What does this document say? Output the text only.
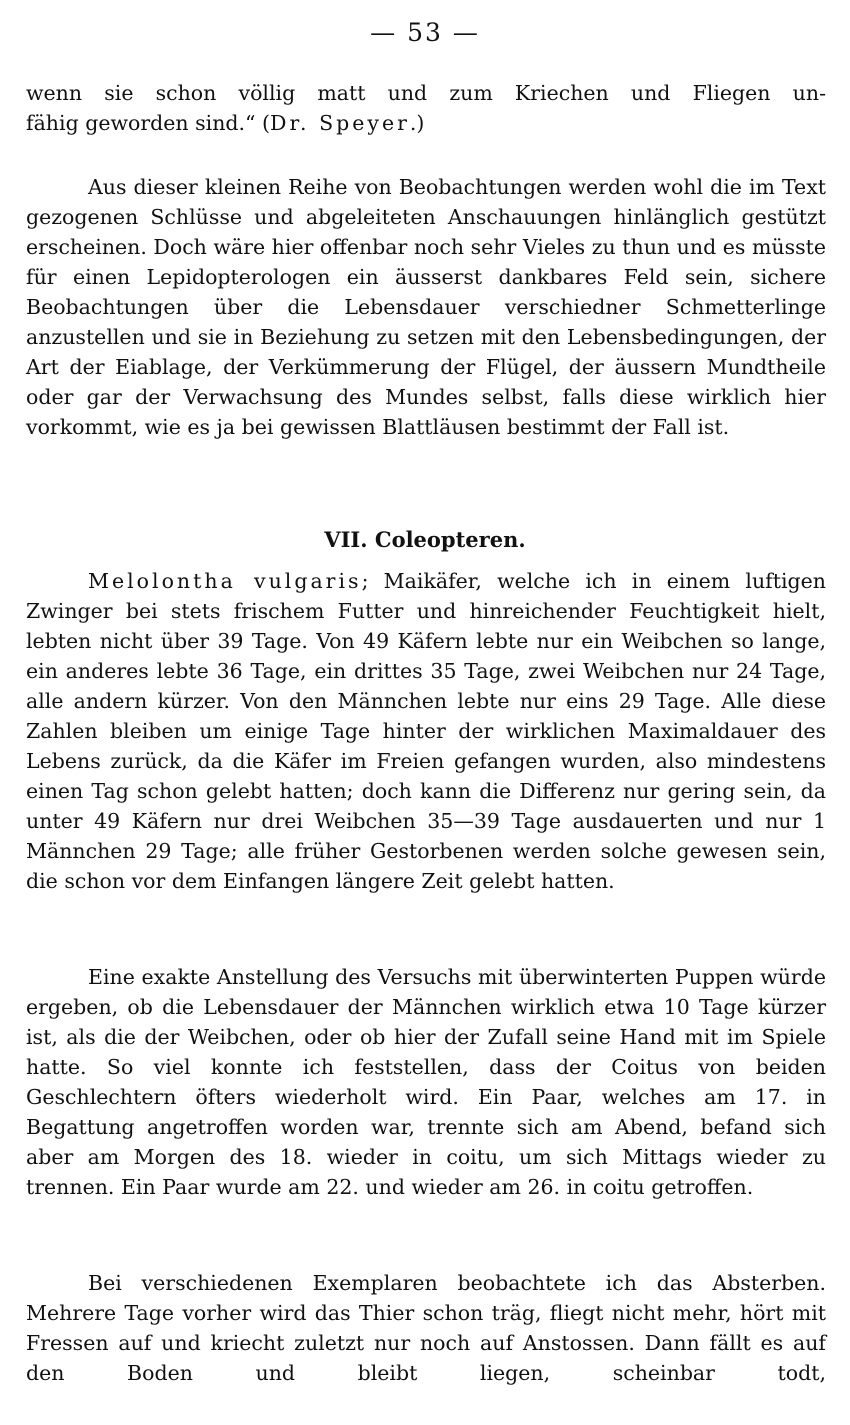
— 53 —

wenn sie schon völlig matt und zum Kriechen und Fliegen un-

fähig geworden sind.“ (Dr. Speyer.)

Aus dieser kleinen Reihe von Beobachtungen werden wohl die im Text gezogenen Schlüsse und abgeleiteten Anschauungen hinlänglich gestützt erscheinen. Doch wäre hier offenbar noch sehr Vieles zu thun und es müsste für einen Lepidopterologen ein äusserst dankbares Feld sein, sichere Beobachtungen über die Lebensdauer verschiedner Schmetterlinge anzustellen und sie in Beziehung zu setzen mit den Lebensbedingungen, der Art der Eiablage, der Verkümmerung der Flügel, der äussern Mundtheile oder gar der Verwachsung des Mundes selbst, falls diese wirklich hier vorkommt, wie es ja bei gewissen Blattläusen bestimmt der Fall ist.

VII. Coleopteren.

Melolontha vulgaris; Maikäfer, welche ich in einem luftigen Zwinger bei stets frischem Futter und hinreichender Feuchtigkeit hielt, lebten nicht über 39 Tage. Von 49 Käfern lebte nur ein Weibchen so lange, ein anderes lebte 36 Tage, ein drittes 35 Tage, zwei Weibchen nur 24 Tage, alle andern kürzer. Von den Männchen lebte nur eins 29 Tage. Alle diese Zahlen bleiben um einige Tage hinter der wirklichen Maximaldauer des Lebens zurück, da die Käfer im Freien gefangen wurden, also mindestens einen Tag schon gelebt hatten; doch kann die Differenz nur gering sein, da unter 49 Käfern nur drei Weibchen 35—39 Tage ausdauerten und nur 1 Männchen 29 Tage; alle früher Gestorbenen werden solche gewesen sein, die schon vor dem Einfangen längere Zeit gelebt hatten.

Eine exakte Anstellung des Versuchs mit überwinterten Puppen würde ergeben, ob die Lebensdauer der Männchen wirklich etwa 10 Tage kürzer ist, als die der Weibchen, oder ob hier der Zufall seine Hand mit im Spiele hatte. So viel konnte ich feststellen, dass der Coitus von beiden Geschlechtern öfters wiederholt wird. Ein Paar, welches am 17. in Begattung angetroffen worden war, trennte sich am Abend, befand sich aber am Morgen des 18. wieder in coitu, um sich Mittags wieder zu trennen. Ein Paar wurde am 22. und wieder am 26. in coitu getroffen.

Bei verschiedenen Exemplaren beobachtete ich das Absterben. Mehrere Tage vorher wird das Thier schon träg, fliegt nicht mehr, hört mit Fressen auf und kriecht zuletzt nur noch auf Anstossen. Dann fällt es auf den Boden und bleibt liegen, scheinbar todt,
